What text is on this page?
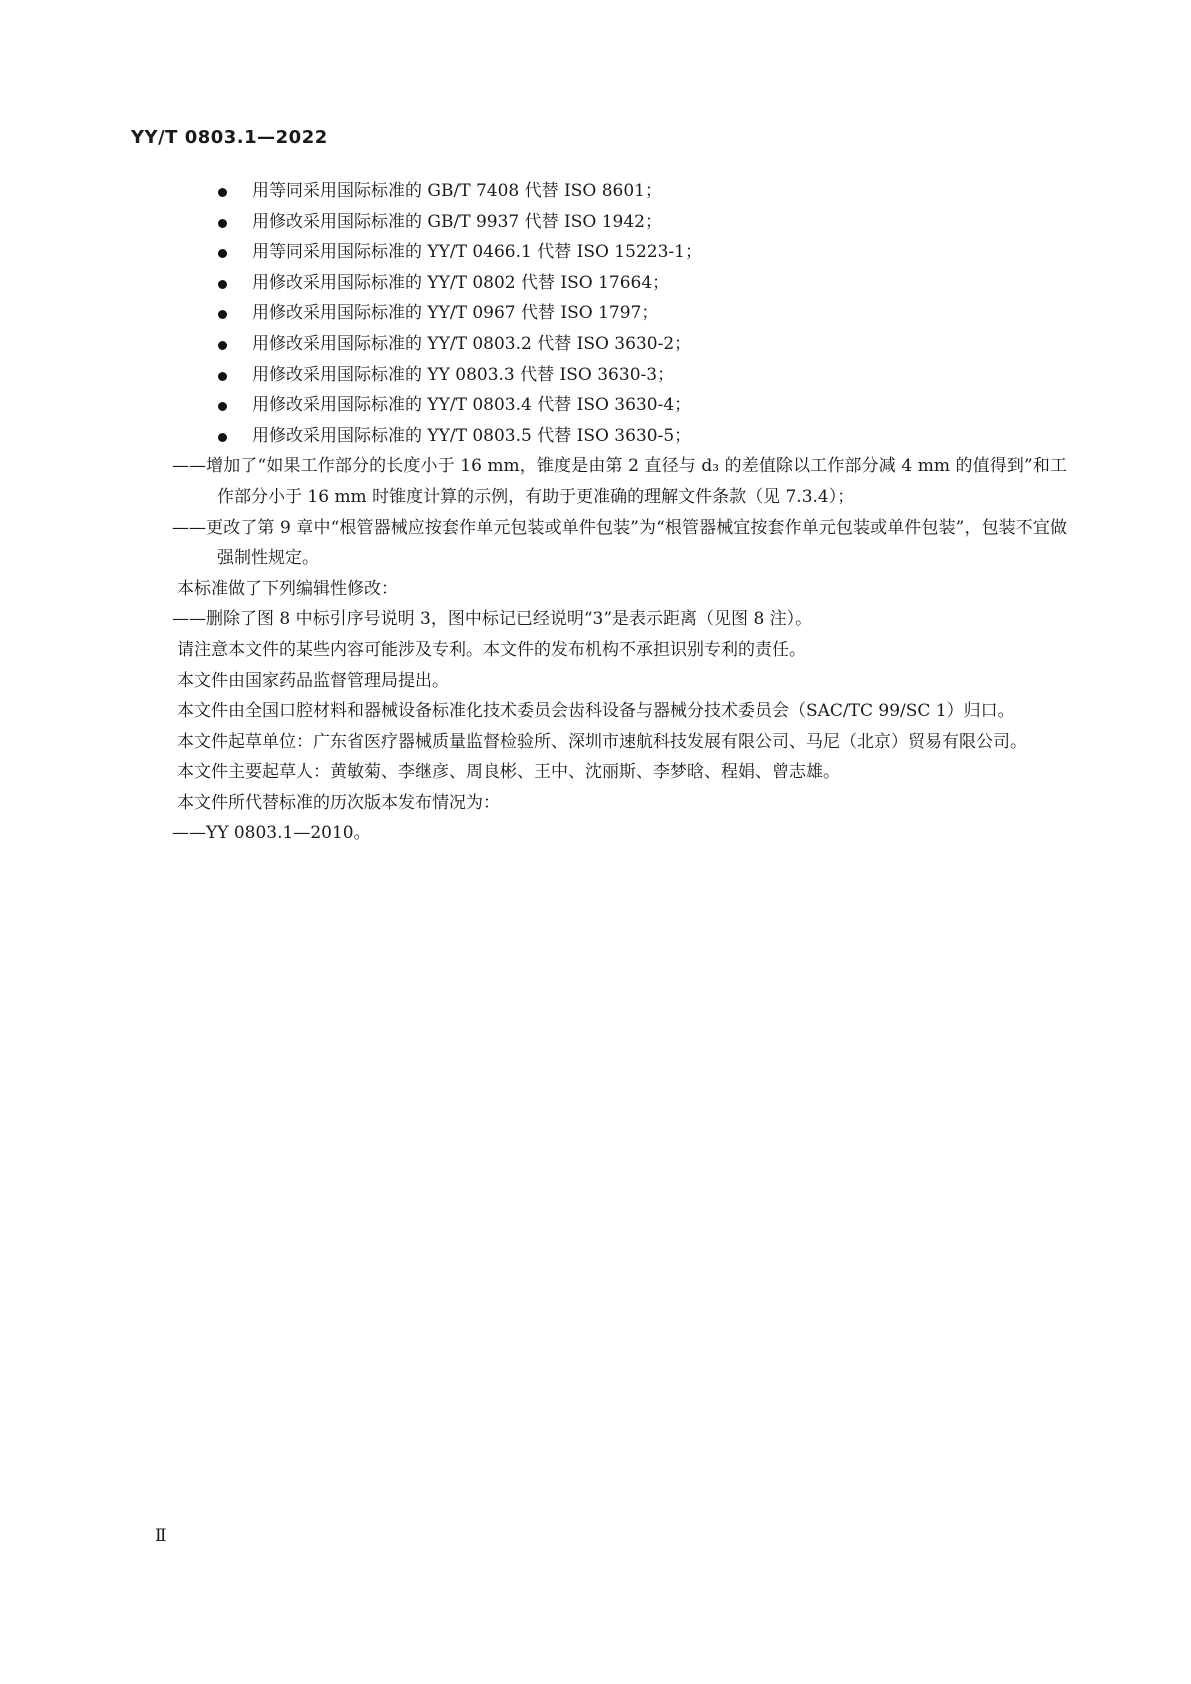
YY/T 0803.1—2022
用等同采用国际标准的 GB/T 7408 代替 ISO 8601；
用修改采用国际标准的 GB/T 9937 代替 ISO 1942；
用等同采用国际标准的 YY/T 0466.1 代替 ISO 15223-1；
用修改采用国际标准的 YY/T 0802 代替 ISO 17664；
用修改采用国际标准的 YY/T 0967 代替 ISO 1797；
用修改采用国际标准的 YY/T 0803.2 代替 ISO 3630-2；
用修改采用国际标准的 YY 0803.3 代替 ISO 3630-3；
用修改采用国际标准的 YY/T 0803.4 代替 ISO 3630-4；
用修改采用国际标准的 YY/T 0803.5 代替 ISO 3630-5；
——增加了“如果工作部分的长度小于 16 mm，锥度是由第 2 直径与 d₃ 的差值除以工作部分减 4 mm 的值得到”和工作部分小于 16 mm 时锥度计算的示例，有助于更准确的理解文件条款（见 7.3.4）；
——更改了第 9 章中“根管器械应按套作单元包装或单件包装”为“根管器械宜按套作单元包装或单件包装”，包装不宜做强制性规定。
本标准做了下列编辑性修改：
——删除了图 8 中标引序号说明 3，图中标记已经说明“3”是表示距离（见图 8 注）。
请注意本文件的某些内容可能涉及专利。本文件的发布机构不承担识别专利的责任。
本文件由国家药品监督管理局提出。
本文件由全国口腔材料和器械设备标准化技术委员会齿科设备与器械分技术委员会（SAC/TC 99/SC 1）归口。
本文件起草单位：广东省医疗器械质量监督检验所、深圳市速航科技发展有限公司、马尼（北京）贸易有限公司。
本文件主要起草人：黄敏菊、李继彦、周良彬、王中、沈丽斯、李梦晗、程娟、曾志雄。
本文件所代替标准的历次版本发布情况为：
——YY 0803.1—2010。
Ⅱ
